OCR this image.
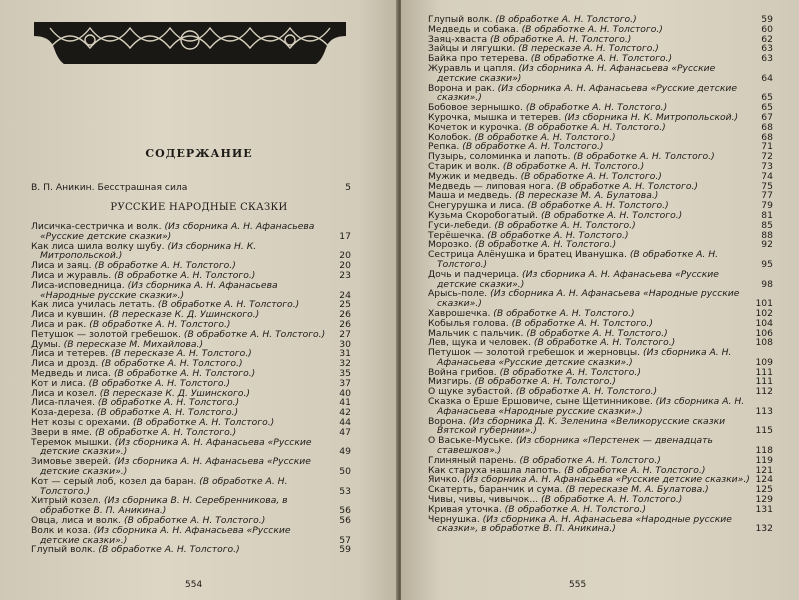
СОДЕРЖАНИЕ
В. П. Аникин. Бесстрашная сила	5
РУССКИЕ НАРОДНЫЕ СКАЗКИ
Лисичка-сестричка и волк. (Из сборника А. Н. Афанасьева «Русские детские сказки»)	17
Как лиса шила волку шубу. (Из сборника Н. К. Митропольской.)	20
Лиса и заяц. (В обработке А. Н. Толстого.)	20
Лиса и журавль. (В обработке А. Н. Толстого.)	23
Лиса-исповедница. (Из сборника А. Н. Афанасьева «Народные русские сказки».)	24
Как лиса училась летать. (В обработке А. Н. Толстого.)	25
Лиса и кувшин. (В пересказе К. Д. Ушинского.)	26
Лиса и рак. (В обработке А. Н. Толстого.)	26
Петушок — золотой гребешок. (В обработке А. Н. Толстого.)	27
Думы. (В пересказе М. Михайлова.)	30
Лиса и тетерев. (В пересказе А. Н. Толстого.)	31
Лиса и дрозд. (В обработке А. Н. Толстого.)	32
Медведь и лиса. (В обработке А. Н. Толстого.)	35
Кот и лиса. (В обработке А. Н. Толстого.)	37
Лиса и козел. (В пересказе К. Д. Ушинского.)	40
Лиса-плачея. (В обработке А. Н. Толстого.)	41
Коза-дереза. (В обработке А. Н. Толстого.)	42
Нет козы с орехами. (В обработке А. Н. Толстого.)	44
Звери в яме. (В обработке А. Н. Толстого.)	47
Теремок мышки. (Из сборника А. Н. Афанасьева «Русские детские сказки».)	49
Зимовье зверей. (Из сборника А. Н. Афанасьева «Русские детские сказки».)	50
Кот — серый лоб, козел да баран. (В обработке А. Н. Толстого.)	53
Хитрый козел. (Из сборника В. Н. Серебренникова, в обработке В. П. Аникина.)	56
Овца, лиса и волк. (В обработке А. Н. Толстого.)	56
Волк и коза. (Из сборника А. Н. Афанасьева «Русские детские сказки».)	57
Глупый волк. (В обработке А. Н. Толстого.)	59
554
Глупый волк. (В обработке А. Н. Толстого.)	59
Медведь и собака. (В обработке А. Н. Толстого.)	60
Заяц-хваста (В обработке А. Н. Толстого.)	62
Зайцы и лягушки. (В пересказе А. Н. Толстого.)	63
Байка про тетерева. (В обработке А. Н. Толстого.)	63
Журавль и цапля. (Из сборника А. Н. Афанасьева «Русские детские сказки»)	64
Ворона и рак. (Из сборника А. Н. Афанасьева «Русские детские сказки».)	65
Бобовое зернышко. (В обработке А. Н. Толстого.)	65
Курочка, мышка и тетерев. (Из сборника Н. К. Митропольской.)	67
Кочеток и курочка. (В обработке А. Н. Толстого.)	68
Колобок. (В обработке А. Н. Толстого.)	68
Репка. (В обработке А. Н. Толстого.)	71
Пузырь, соломинка и лапоть. (В обработке А. Н. Толстого.)	72
Старик и волк. (В обработке А. Н. Толстого.)	73
Мужик и медведь. (В обработке А. Н. Толстого.)	74
Медведь — липовая нога. (В обработке А. Н. Толстого.)	75
Маша и медведь. (В пересказе М. А. Булатова.)	77
Снегурушка и лиса. (В обработке А. Н. Толстого.)	79
Кузьма Скоробогатый. (В обработке А. Н. Толстого.)	81
Гуси-лебеди. (В обработке А. Н. Толстого.)	85
Терёшечка. (В обработке А. Н. Толстого.)	88
Морозко. (В обработке А. Н. Толстого.)	92
Сестрица Алёнушка и братец Иванушка. (В обработке А. Н. Толстого.)	95
Дочь и падчерица. (Из сборника А. Н. Афанасьева «Русские детские сказки».)	98
Арысь-поле. (Из сборника А. Н. Афанасьева «Народные русские сказки».)	101
Хаврошечка. (В обработке А. Н. Толстого.)	102
Кобылья голова. (В обработке А. Н. Толстого.)	104
Мальчик с пальчик. (В обработке А. Н. Толстого.)	106
Лев, щука и человек. (В обработке А. Н. Толстого.)	108
Петушок — золотой гребешок и жерновцы. (Из сборника А. Н. Афанасьева «Русские детские сказки».)	109
Война грибов. (В обработке А. Н. Толстого.)	111
Мизгирь. (В обработке А. Н. Толстого.)	111
О щуке зубастой. (В обработке А. Н. Толстого.)	112
Сказка о Ерше Ершовиче, сыне Щетинникове. (Из сборника А. Н. Афанасьева «Народные русские сказки».)	113
Ворона. (Из сборника Д. К. Зеленина «Великорусские сказки Вятской губернии».)	115
О Ваське-Муське. (Из сборника «Перстенек — двенадцать ставешков».)	118
Глиняный парень. (В обработке А. Н. Толстого.)	119
Как старуха нашла лапоть. (В обработке А. Н. Толстого.)	121
Яичко. (Из сборника А. Н. Афанасьева «Русские детские сказки».) 124
Скатерть, баранчик и сума. (В пересказе М. А. Булатова.)	125
Чивы, чивы, чивычок... (В обработке А. Н. Толстого.)	129
Кривая уточка. (В обработке А. Н. Толстого.)	131
Чернушка. (Из сборника А. Н. Афанасьева «Народные русские сказки», в обработке В. П. Аникина.)	132
555
